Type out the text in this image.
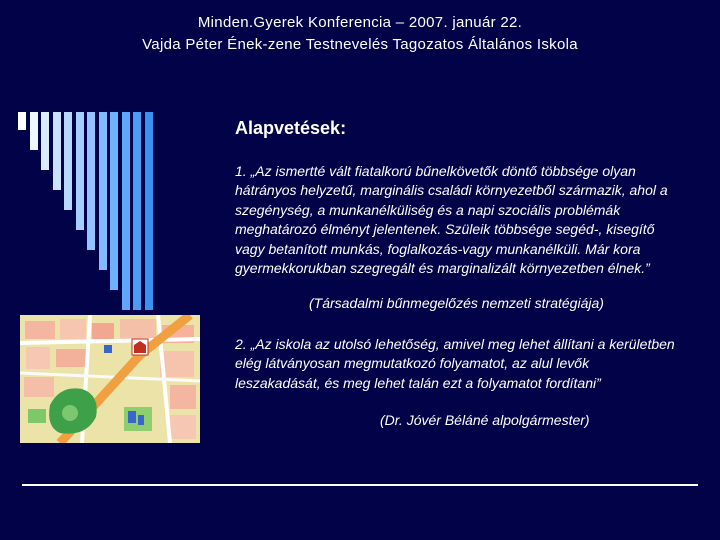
Minden.Gyerek Konferencia – 2007. január 22.
Vajda Péter Ének-zene Testnevelés Tagozatos Általános Iskola
Alapvetések:

1. „Az ismertté vált fiatalkorú bűnelkövetők döntő többsége olyan hátrányos helyzetű, marginális családi környezetből származik, ahol a szegénység, a munkanélküliség és a napi szociális problémák meghatározó élményt jelentenek. Szüleik többsége segéd-, kisegítő vagy betanított munkás, foglalkozás-vagy munkanélküli. Már kora gyermekkorukban szegregált és marginalizált környezetben élnek.”

(Társadalmi bűnmegelőzés nemzeti stratégiája)

2. „Az iskola az utolsó lehetőség, amivel meg lehet állítani a kerületben elég látványosan megmutatkozó folyamatot, az alul levők leszakadását, és meg lehet talán ezt a folyamatot fordítani”

(Dr. Jóvér Béláné alpolgármester)
